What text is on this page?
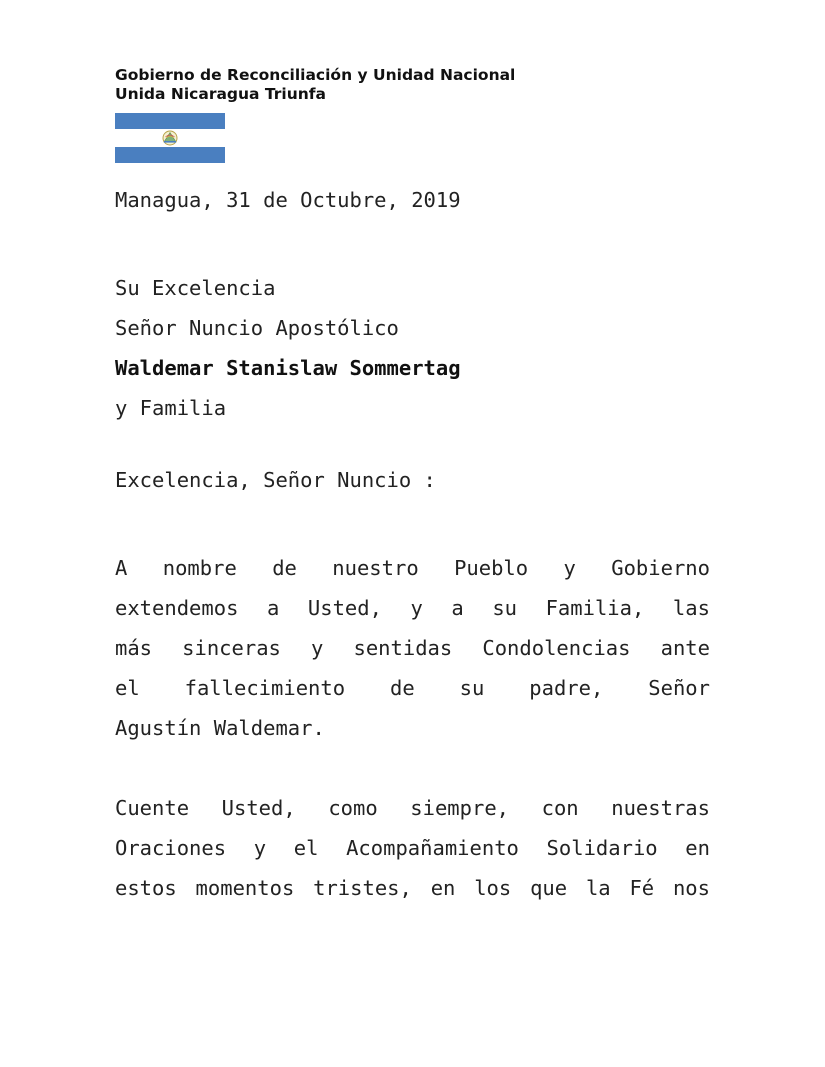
Gobierno de Reconciliación y Unidad Nacional
Unida Nicaragua Triunfa
Managua, 31 de Octubre, 2019
Su Excelencia
Señor Nuncio Apostólico
Waldemar Stanislaw Sommertag
y Familia
Excelencia, Señor Nuncio :
A nombre de nuestro Pueblo y Gobierno
extendemos a Usted, y a su Familia, las
más sinceras y sentidas Condolencias ante
el fallecimiento de su padre, Señor
Agustín Waldemar.
Cuente Usted, como siempre, con nuestras
Oraciones y el Acompañamiento Solidario en
estos momentos tristes, en los que la Fé nos
